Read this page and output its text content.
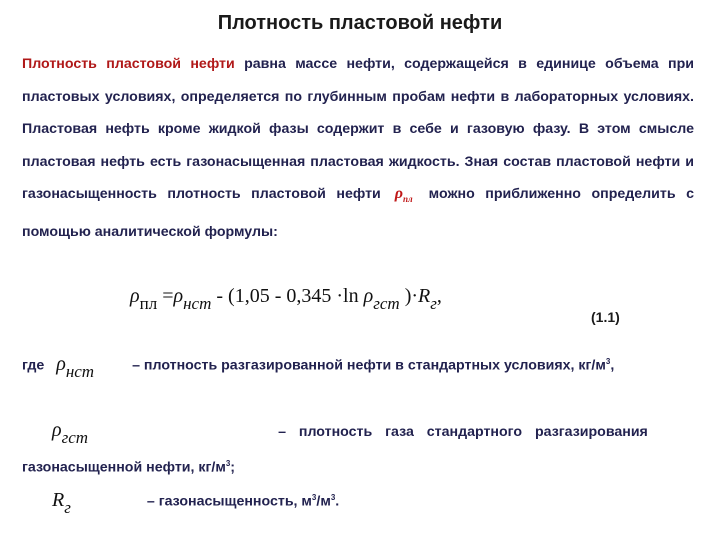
Плотность пластовой нефти
Плотность пластовой нефти равна массе нефти, содержащейся в единице объема при пластовых условиях, определяется по глубинным пробам нефти в лабораторных условиях. Пластовая нефть кроме жидкой фазы содержит в себе и газовую фазу. В этом смысле пластовая нефть есть газонасыщенная пластовая жидкость. Зная состав пластовой нефти и газонасыщенность плотность пластовой нефти $\rho_{пл}$ можно приближенно определить с помощью аналитической формулы:
$\rho_{пл} =\rho_{нст} - (1,05 - 0,345 \cdot\ln$ $\rho_{гст}$ )$\cdot R_г$,
(1.1)
где $\rho_{нст}$	– плотность разгазированной нефти в стандартных условиях, $кг/м^3$,
$\rho_{гст}$	– плотность газа стандартного разгазирования
газонасыщенной нефти, $кг/м^3$;
$R_г$	– газонасыщенность, $м^3/м^3$.
